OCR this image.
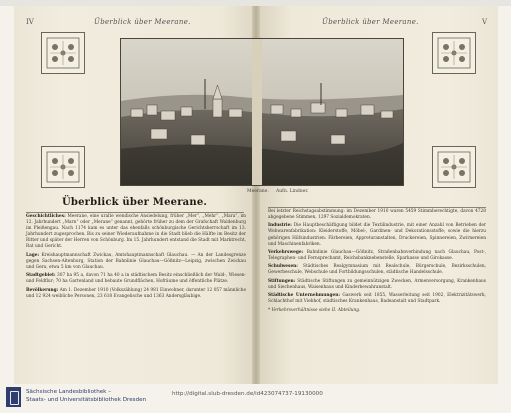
IV	Überblick über Meerane.

Geschichtliches: Meerane, eine uralte wendische Ansiedelung, früher „Mer“, „Mehr“, „Mara“, im 12. Jahrhundert „Marn“ oder „Merane“ genannt, gehörte früher zu dem der Grafschaft Waldenburg im Pleißengau. Nach 1174 kam es unter das ebenfalls schönburgische Gerichtsherrschaft im 13. Jahrhundert zugesprochen. Bis zu seiner Wiederaufnahme in die Stadt blieb die Hälfte im Besitz der Ritter und später der Herren von Schönburg. Im 15. Jahrhundert entstand die Stadt mit Marktrecht, Rat und Gericht.

Lage: Kreishauptmannschaft Zwickau, Amtshauptmannschaft Glauchau. — An der Landesgrenze gegen Sachsen-Altenburg, Station der Bahnlinie Glauchau—Gößnitz—Leipzig, zwischen Zwickau und Gera, etwa 5 km von Glauchau.

Stadtgebiet: 307 ha 95 a, davon 71 ha 40 a in städtischem Besitz einschließlich der Wald-, Wiesen- und Feldflur; 70 ha Gartenland und bebaute Grundflächen, Hofräume und öffentliche Plätze.

Bevölkerung: Am 1. Dezember 1910 (Volkszählung) 24 981 Einwohner, darunter 12 057 männliche und 12 924 weibliche Personen, 23 618 Evangelische und 1363 Andersgläubige.

Überblick über Meerane.	V

Bei letzter Reichstagsabstimmung: im Dezember 1910 waren 5459 Stimmberechtigte, davon 4728 abgegebene Stimmen, 1297 Sozialdemokraten.

Industrie: Die Hauptbeschäftigung bildet die Textilindustrie, mit einer Anzahl von Betrieben der Webwarenfabrikation: Kleiderstoffe, Möbel-, Gardinen- und Dekorationsstoffe; sowie die hierzu gehörigen Hilfsindustrien: Färbereien, Appreturanstalten, Druckereien, Spinnereien, Zwirnereien und Maschinenfabriken.

Verkehrswege: Bahnlinie Glauchau—Gößnitz, Straßenbahnverbindung nach Glauchau, Post-, Telegraphen- und Fernsprechamt, Reichsbanknebenstelle, Sparkasse und Girokasse.

Schulwesen: Städtisches Realgymnasium mit Realschule, Bürgerschule, Bezirksschulen, Gewerbeschule, Webschule und Fortbildungsschulen, städtische Handelsschule.

Stiftungen: Städtische Stiftungen zu gemeinnützigen Zwecken, Armenversorgung, Krankenhaus und Siechenhaus, Waisenhaus und Kinderbewahranstalt.

Städtische Unternehmungen: Gaswerk seit 1855, Wasserleitung seit 1902, Elektrizitätswerk, Schlachthof mit Viehhof, städtisches Krankenhaus, Badeanstalt und Stadtpark.

* Verkehrsverhältnisse siehe II. Abteilung.

Meerane. Aufn. Lindner.
Überblick über Meerane.
Sächsische Landesbibliothek –
Staats- und Universitätsbibliothek Dresden
http://digital.slub-dresden.de/id423074737-19130000
